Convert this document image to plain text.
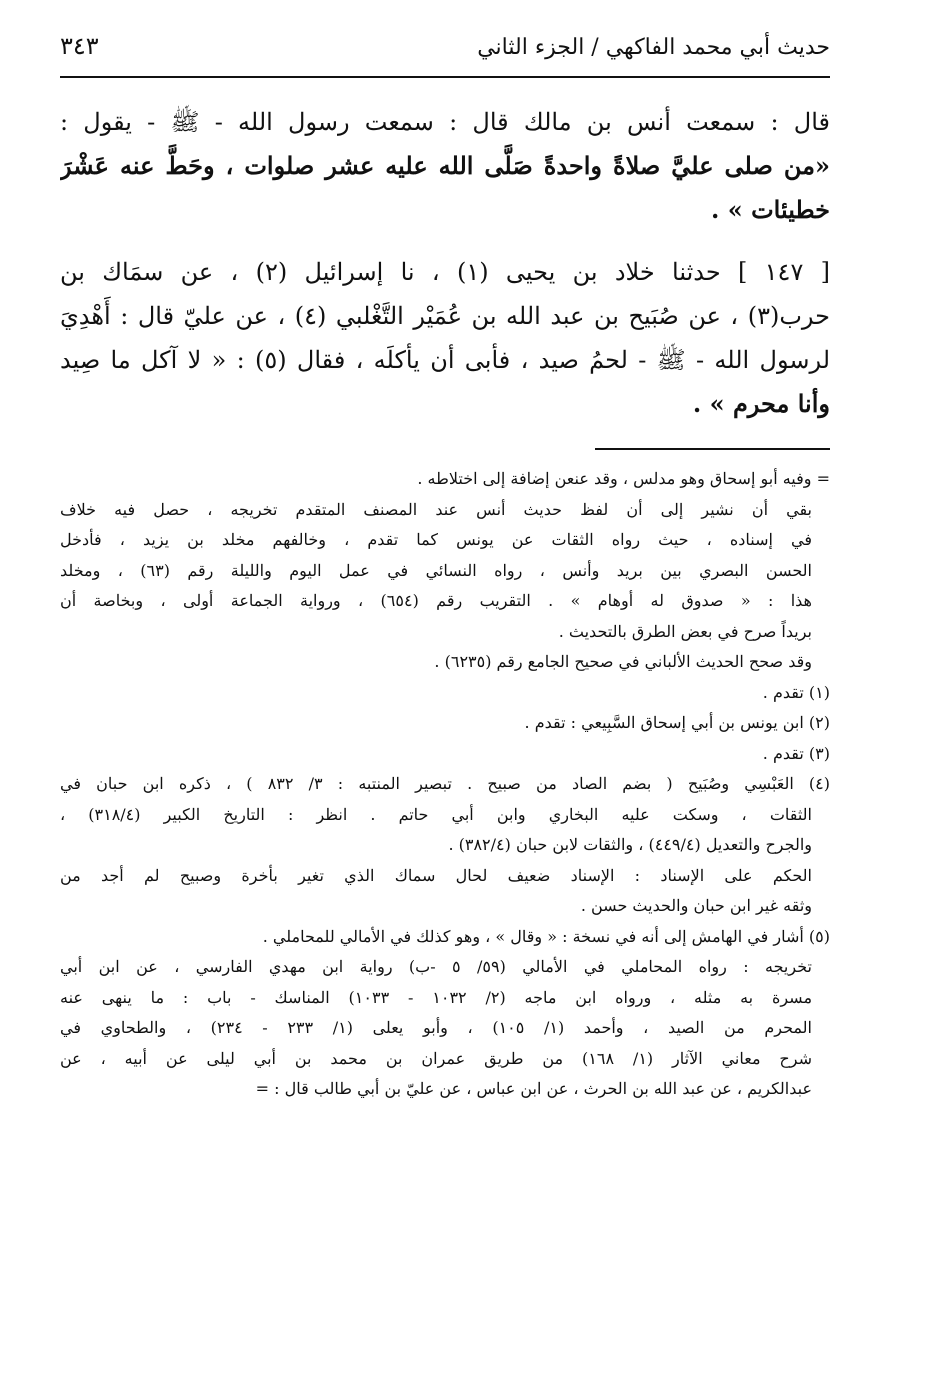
حديث أبي محمد الفاكهي / الجزء الثاني
٣٤٣
قال : سمعت أنس بن مالك قال : سمعت رسول الله - ﷺ - يقول :
«من صلى عليَّ صلاةً واحدةً صَلَّى الله عليه عشر صلوات ، وحَطَّ عنه عَشْرَ
خطيئات » .
[ ١٤٧ ] حدثنا خلاد بن يحيى (١) ، نا إسرائيل (٢) ، عن سمَاك بن
حرب(٣) ، عن صُبَيح بن عبد الله بن عُمَيْر التَّغْلبي (٤) ، عن عليّ قال : أَهْدِيَ
لرسول الله - ﷺ - لحمُ صيد ، فأبى أن يأكلَه ، فقال (٥) : « لا آكل ما صِيد
وأنا محرم » .
= وفيه أبو إسحاق وهو مدلس ، وقد عنعن إضافة إلى اختلاطه .
بقي أن نشير إلى أن لفظ حديث أنس عند المصنف المتقدم تخريجه ، حصل فيه خلاف
في إسناده ، حيث رواه الثقات عن يونس كما تقدم ، وخالفهم مخلد بن يزيد ، فأدخل
الحسن البصري بين بريد وأنس ، رواه النسائي في عمل اليوم والليلة رقم (٦٣) ، ومخلد
هذا : « صدوق له أوهام » . التقريب رقم (٦٥٤) ، ورواية الجماعة أولى ، وبخاصة أن
بريداً صرح في بعض الطرق بالتحديث .
وقد صحح الحديث الألباني في صحيح الجامع رقم (٦٢٣٥) .
(١) تقدم .
(٢) ابن يونس بن أبي إسحاق السَّبِيعي : تقدم .
(٣) تقدم .
(٤) العَبْسِي وصُبَيح ( بضم الصاد من صبيح . تبصير المنتبه : ٣/ ٨٣٢ ) ، ذكره ابن حبان في
الثقات ، وسكت عليه البخاري وابن أبي حاتم . انظر : التاريخ الكبير (٣١٨/٤) ،
والجرح والتعديل (٤٤٩/٤) ، والثقات لابن حبان (٣٨٢/٤) .
الحكم على الإسناد : الإسناد ضعيف لحال سماك الذي تغير بأخرة وصبيح لم أجد من
وثقه غير ابن حبان والحديث حسن .
(٥) أشار في الهامش إلى أنه في نسخة : « وقال » ، وهو كذلك في الأمالي للمحاملي .
تخريجه : رواه المحاملي في الأمالي (٥٩/ ٥ -ب) رواية ابن مهدي الفارسي ، عن ابن أبي
مسرة به مثله ، ورواه ابن ماجه (٢/ ١٠٣٢ - ١٠٣٣) المناسك - باب : ما ينهى عنه
المحرم من الصيد ، وأحمد (١/ ١٠٥) ، وأبو يعلى (١/ ٢٣٣ - ٢٣٤) ، والطحاوي في
شرح معاني الآثار (١/ ١٦٨) من طريق عمران بن محمد بن أبي ليلى عن أبيه ، عن
عبدالكريم ، عن عبد الله بن الحرث ، عن ابن عباس ، عن عليّ بن أبي طالب قال : =
